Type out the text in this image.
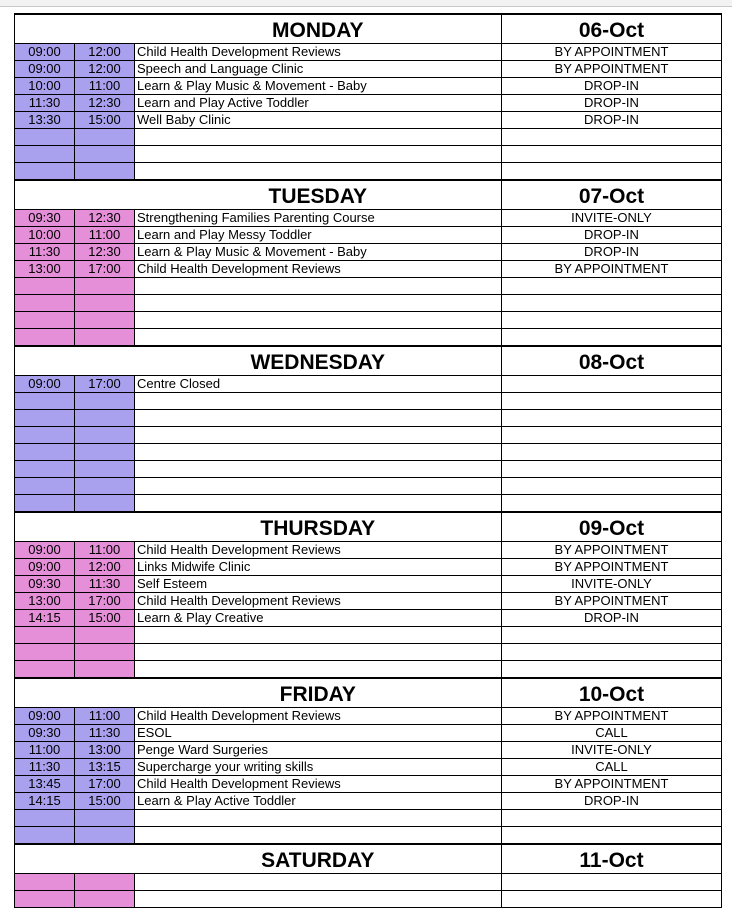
		MONDAY	06-Oct
09:00	12:00	Child Health Development Reviews	BY APPOINTMENT
09:00	12:00	Speech and Language Clinic	BY APPOINTMENT
10:00	11:00	Learn & Play Music & Movement - Baby	DROP-IN
11:30	12:30	Learn and Play Active Toddler	DROP-IN
13:30	15:00	Well Baby Clinic	DROP-IN

		TUESDAY	07-Oct
09:30	12:30	Strengthening Families Parenting Course	INVITE-ONLY
10:00	11:00	Learn and Play Messy Toddler	DROP-IN
11:30	12:30	Learn & Play Music & Movement - Baby	DROP-IN
13:00	17:00	Child Health Development Reviews	BY APPOINTMENT

		WEDNESDAY	08-Oct
09:00	17:00	Centre Closed	

		THURSDAY	09-Oct
09:00	11:00	Child Health Development Reviews	BY APPOINTMENT
09:00	12:00	Links Midwife Clinic	BY APPOINTMENT
09:30	11:30	Self Esteem	INVITE-ONLY
13:00	17:00	Child Health Development Reviews	BY APPOINTMENT
14:15	15:00	Learn & Play Creative	DROP-IN

		FRIDAY	10-Oct
09:00	11:00	Child Health Development Reviews	BY APPOINTMENT
09:30	11:30	ESOL	CALL
11:00	13:00	Penge Ward Surgeries	INVITE-ONLY
11:30	13:15	Supercharge your writing skills	CALL
13:45	17:00	Child Health Development Reviews	BY APPOINTMENT
14:15	15:00	Learn & Play Active Toddler	DROP-IN

		SATURDAY	11-Oct
